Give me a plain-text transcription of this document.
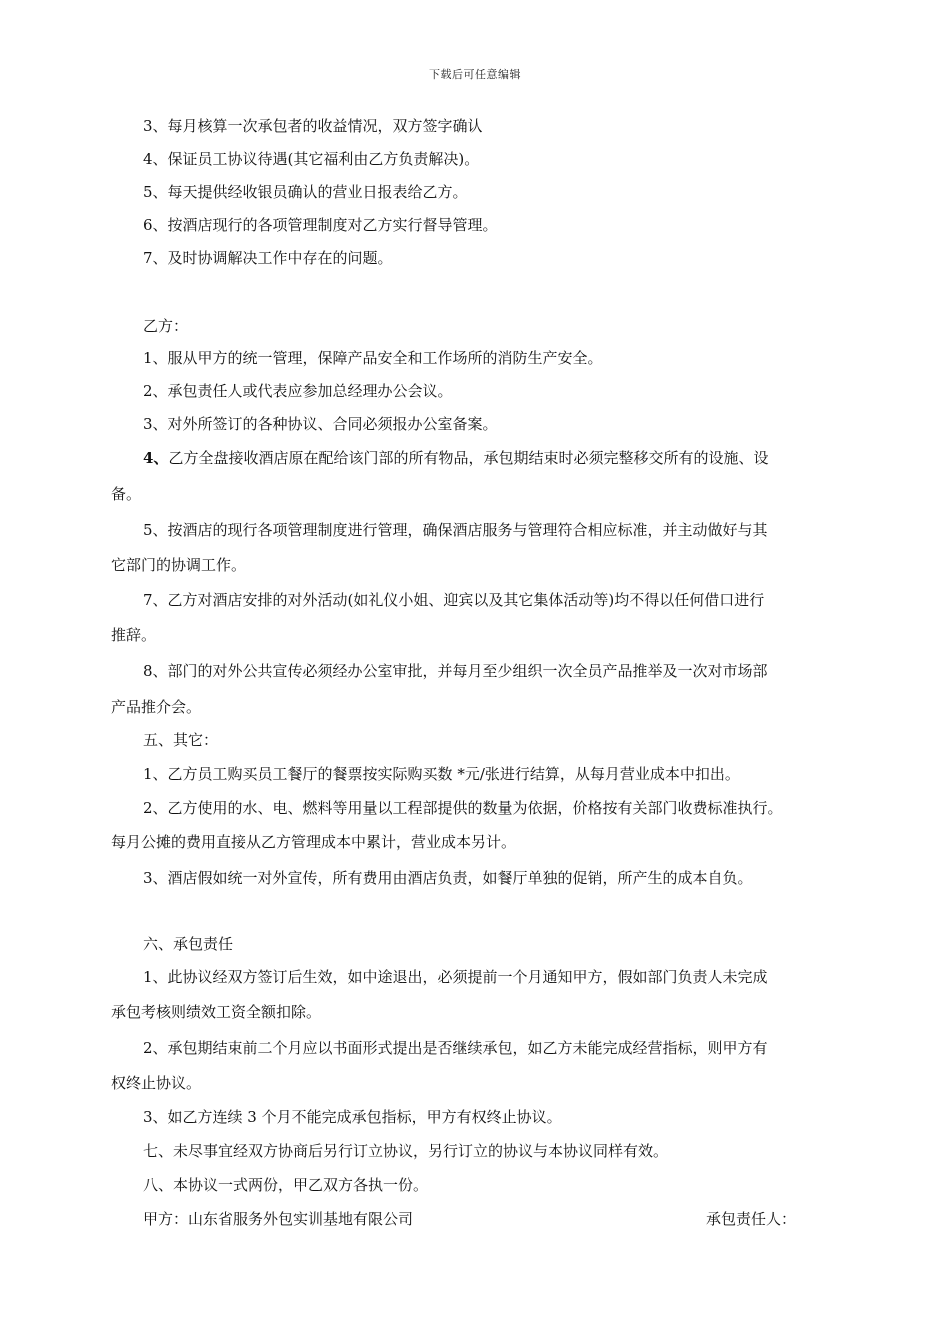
下载后可任意编辑
3、每月核算一次承包者的收益情况，双方签字确认
4、保证员工协议待遇(其它福利由乙方负责解决)。
5、每天提供经收银员确认的营业日报表给乙方。
6、按酒店现行的各项管理制度对乙方实行督导管理。
7、及时协调解决工作中存在的问题。
乙方：
1、服从甲方的统一管理，保障产品安全和工作场所的消防生产安全。
2、承包责任人或代表应参加总经理办公会议。
3、对外所签订的各种协议、合同必须报办公室备案。
4、乙方全盘接收酒店原在配给该门部的所有物品，承包期结束时必须完整移交所有的设施、设
备。
5、按酒店的现行各项管理制度进行管理，确保酒店服务与管理符合相应标准，并主动做好与其
它部门的协调工作。
7、乙方对酒店安排的对外活动(如礼仪小姐、迎宾以及其它集体活动等)均不得以任何借口进行
推辞。
8、部门的对外公共宣传必须经办公室审批，并每月至少组织一次全员产品推举及一次对市场部
产品推介会。
五、其它：
1、乙方员工购买员工餐厅的餐票按实际购买数 *元/张进行结算，从每月营业成本中扣出。
2、乙方使用的水、电、燃料等用量以工程部提供的数量为依据，价格按有关部门收费标准执行。
每月公摊的费用直接从乙方管理成本中累计，营业成本另计。
3、酒店假如统一对外宣传，所有费用由酒店负责，如餐厅单独的促销，所产生的成本自负。
六、承包责任
1、此协议经双方签订后生效，如中途退出，必须提前一个月通知甲方，假如部门负责人未完成
承包考核则绩效工资全额扣除。
2、承包期结束前二个月应以书面形式提出是否继续承包，如乙方未能完成经营指标，则甲方有
权终止协议。
3、如乙方连续 3 个月不能完成承包指标，甲方有权终止协议。
七、未尽事宜经双方协商后另行订立协议，另行订立的协议与本协议同样有效。
八、本协议一式两份，甲乙双方各执一份。
甲方：山东省服务外包实训基地有限公司	承包责任人：
